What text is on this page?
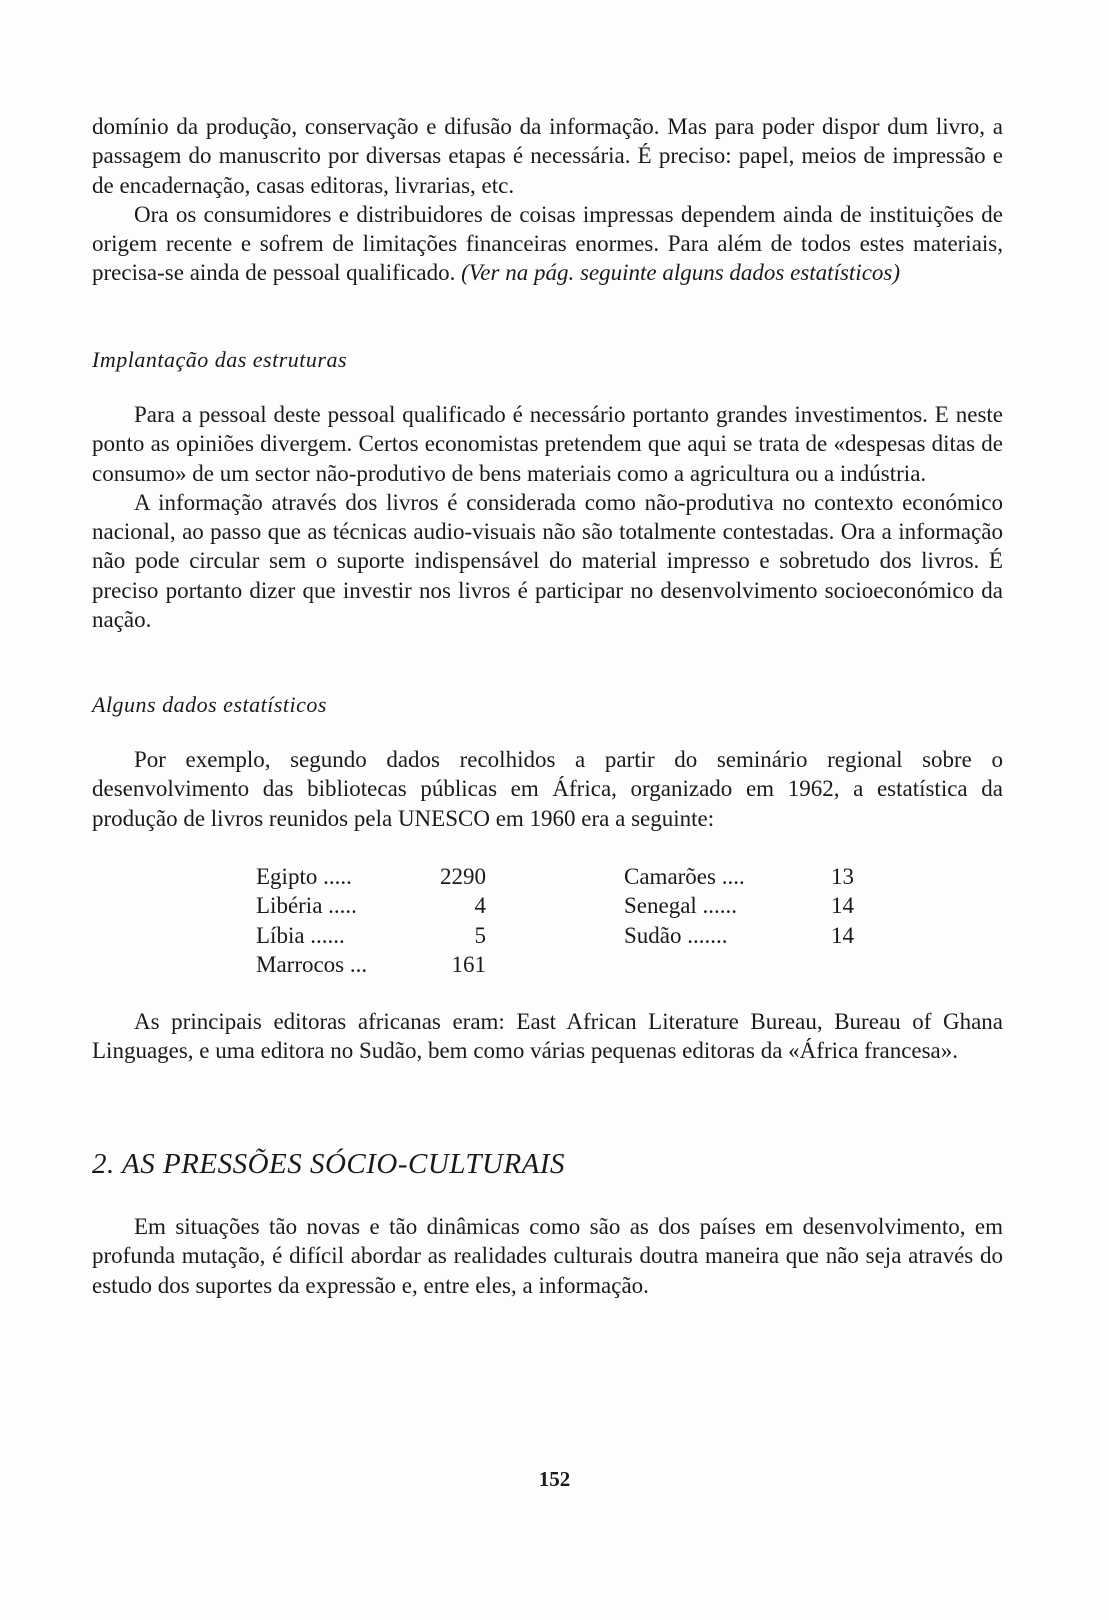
domínio da produção, conservação e difusão da informação. Mas para poder dispor dum livro, a passagem do manuscrito por diversas etapas é necessária. É preciso: papel, meios de impressão e de encadernação, casas editoras, livrarias, etc.

Ora os consumidores e distribuidores de coisas impressas dependem ainda de instituições de origem recente e sofrem de limitações financeiras enormes. Para além de todos estes materiais, precisa-se ainda de pessoal qualificado. (Ver na pág. seguinte alguns dados estatísticos)

Implantação das estruturas

Para a pessoal deste pessoal qualificado é necessário portanto grandes investimentos. E neste ponto as opiniões divergem. Certos economistas pretendem que aqui se trata de «despesas ditas de consumo» de um sector não-produtivo de bens materiais como a agricultura ou a indústria.

A informação através dos livros é considerada como não-produtiva no contexto económico nacional, ao passo que as técnicas audio-visuais não são totalmente contestadas. Ora a informação não pode circular sem o suporte indispensável do material impresso e sobretudo dos livros. É preciso portanto dizer que investir nos livros é participar no desenvolvimento socioeconómico da nação.

Alguns dados estatísticos

Por exemplo, segundo dados recolhidos a partir do seminário regional sobre o desenvolvimento das bibliotecas públicas em África, organizado em 1962, a estatística da produção de livros reunidos pela UNESCO em 1960 era a seguinte:

Egipto .....	2290
Libéria .....	4
Líbia ......	5
Marrocos ...	161
Camarões ....	13
Senegal ......	14
Sudão .......	14

As principais editoras africanas eram: East African Literature Bureau, Bureau of Ghana Linguages, e uma editora no Sudão, bem como várias pequenas editoras da «África francesa».

2. AS PRESSÕES SÓCIO-CULTURAIS

Em situações tão novas e tão dinâmicas como são as dos países em desenvolvimento, em profunda mutação, é difícil abordar as realidades culturais doutra maneira que não seja através do estudo dos suportes da expressão e, entre eles, a informação.

152
